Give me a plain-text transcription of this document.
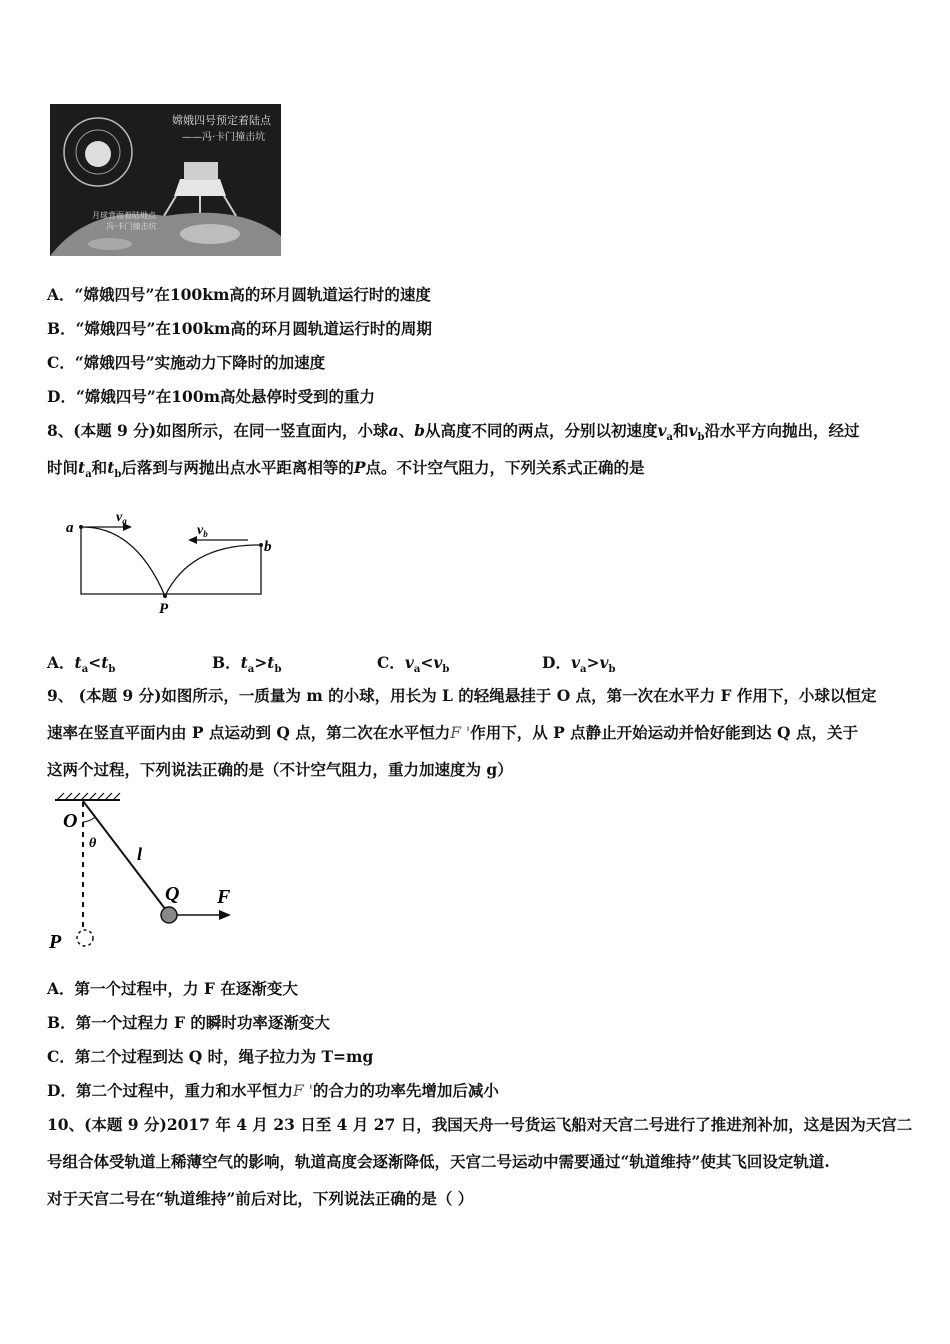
嫦娥四号预定着陆点
——冯·卡门撞击坑
月球背面着陆地点
冯·卡门撞击坑
A．“嫦娥四号”在100km高的环月圆轨道运行时的速度
B．“嫦娥四号”在100km高的环月圆轨道运行时的周期
C．“嫦娥四号”实施动力下降时的加速度
D．“嫦娥四号”在100m高处悬停时受到的重力
8、(本题 9 分)如图所示，在同一竖直面内，小球a、b从高度不同的两点，分别以初速度$v_a$和$v_b$沿水平方向抛出，经过
时间$t_a$和$t_b$后落到与两抛出点水平距离相等的P点。不计空气阻力，下列关系式正确的是
a
b
$v_a$
$v_b$
P
A．$t_a<t_b$	B．$t_a>t_b$	C．$v_a<v_b$	D．$v_a>v_b$
9、 (本题 9 分)如图所示，一质量为 m 的小球，用长为 L 的轻绳悬挂于 O 点，第一次在水平力 F 作用下，小球以恒定
速率在竖直平面内由 P 点运动到 Q 点，第二次在水平恒力F '作用下，从 P 点静止开始运动并恰好能到达 Q 点，关于
这两个过程，下列说法正确的是（不计空气阻力，重力加速度为 g）
O
θ
l
Q F
P
A．第一个过程中，力 F 在逐渐变大
B．第一个过程力 F 的瞬时功率逐渐变大
C．第二个过程到达 Q 时，绳子拉力为 T=mg
D．第二个过程中，重力和水平恒力F '的合力的功率先增加后减小
10、(本题 9 分)2017 年 4 月 23 日至 4 月 27 日，我国天舟一号货运飞船对天宫二号进行了推进剂补加，这是因为天宫二
号组合体受轨道上稀薄空气的影响，轨道高度会逐渐降低，天宫二号运动中需要通过“轨道维持”使其飞回设定轨道.
对于天宫二号在“轨道维持”前后对比，下列说法正确的是（ ）
